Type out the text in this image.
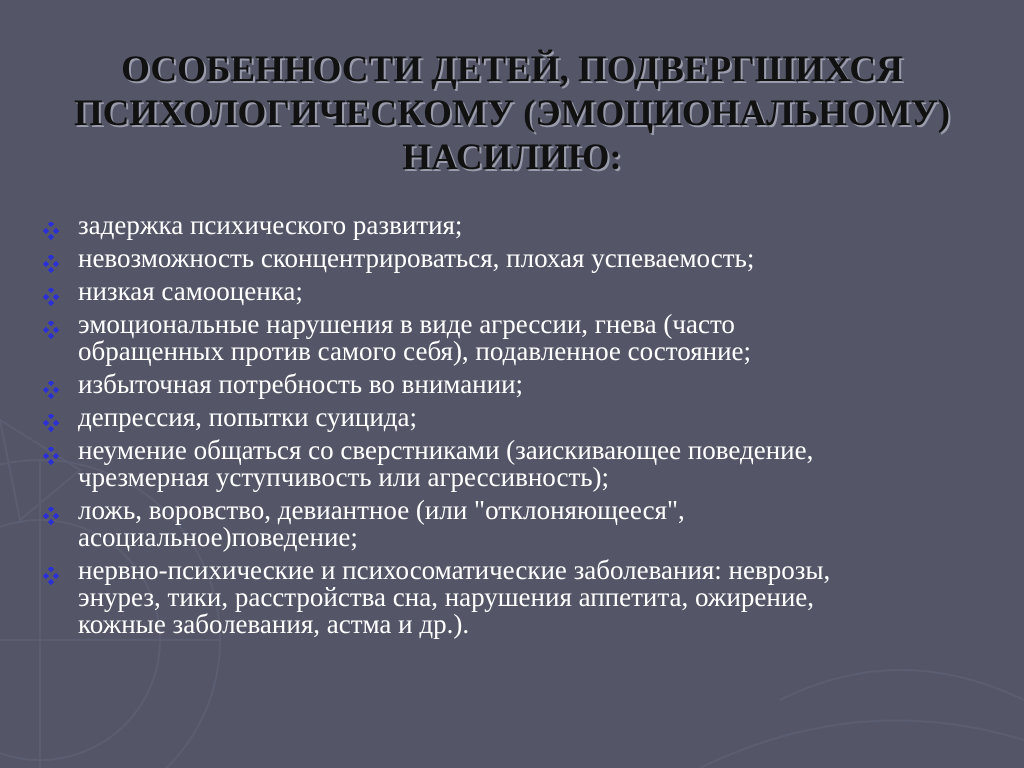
ОСОБЕННОСТИ ДЕТЕЙ, ПОДВЕРГШИХСЯ
ПСИХОЛОГИЧЕСКОМУ (ЭМОЦИОНАЛЬНОМУ)
НАСИЛИЮ:
задержка психического развития;
невозможность сконцентрироваться, плохая успеваемость;
низкая самооценка;
эмоциональные нарушения в виде агрессии, гнева (часто
обращенных против самого себя), подавленное состояние;
избыточная потребность во внимании;
депрессия, попытки суицида;
неумение общаться со сверстниками (заискивающее поведение,
чрезмерная уступчивость или агрессивность);
ложь, воровство, девиантное (или "отклоняющееся",
асоциальное)поведение;
нервно-психические и психосоматические заболевания: неврозы,
энурез, тики, расстройства сна, нарушения аппетита, ожирение,
кожные заболевания, астма и др.).
